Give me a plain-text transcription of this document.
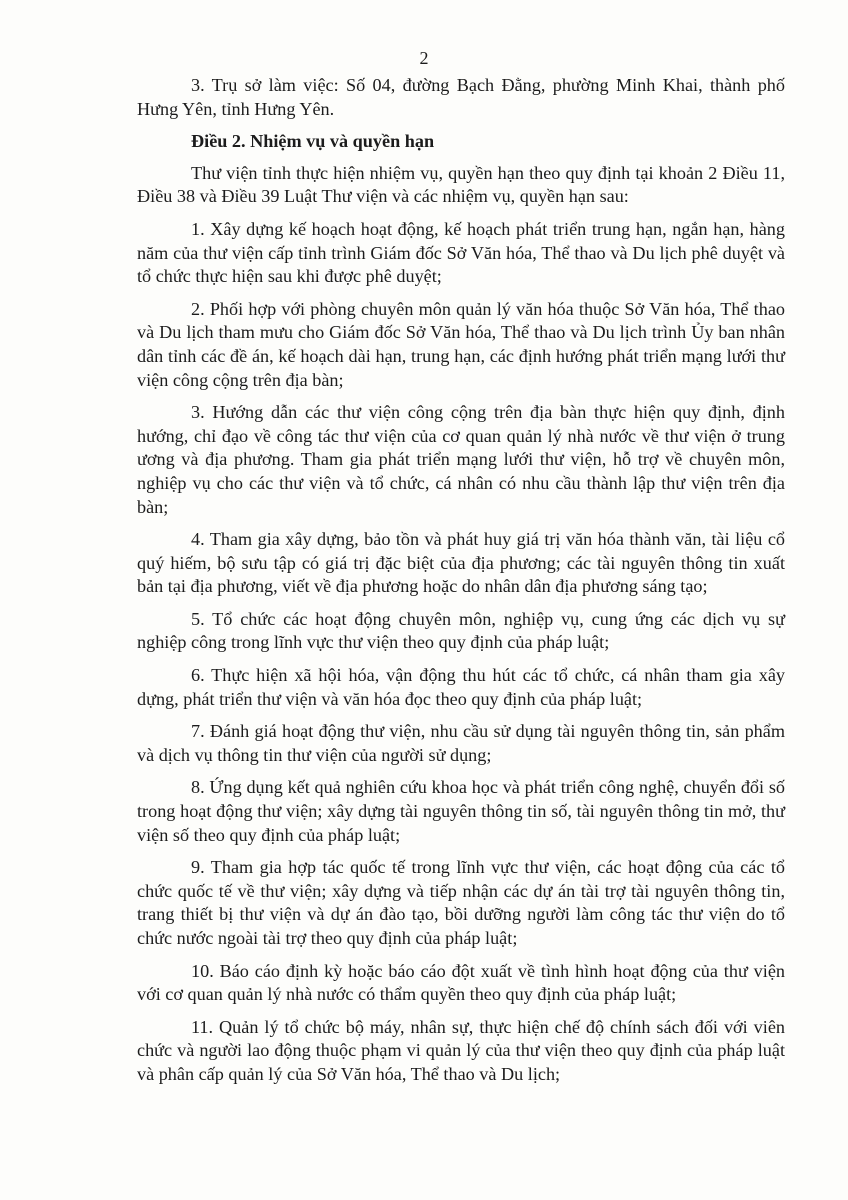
2

3. Trụ sở làm việc: Số 04, đường Bạch Đằng, phường Minh Khai, thành phố Hưng Yên, tỉnh Hưng Yên.

Điều 2. Nhiệm vụ và quyền hạn

Thư viện tỉnh thực hiện nhiệm vụ, quyền hạn theo quy định tại khoản 2 Điều 11, Điều 38 và Điều 39 Luật Thư viện và các nhiệm vụ, quyền hạn sau:

1. Xây dựng kế hoạch hoạt động, kế hoạch phát triển trung hạn, ngắn hạn, hàng năm của thư viện cấp tỉnh trình Giám đốc Sở Văn hóa, Thể thao và Du lịch phê duyệt và tổ chức thực hiện sau khi được phê duyệt;

2. Phối hợp với phòng chuyên môn quản lý văn hóa thuộc Sở Văn hóa, Thể thao và Du lịch tham mưu cho Giám đốc Sở Văn hóa, Thể thao và Du lịch trình Ủy ban nhân dân tỉnh các đề án, kế hoạch dài hạn, trung hạn, các định hướng phát triển mạng lưới thư viện công cộng trên địa bàn;

3. Hướng dẫn các thư viện công cộng trên địa bàn thực hiện quy định, định hướng, chỉ đạo về công tác thư viện của cơ quan quản lý nhà nước về thư viện ở trung ương và địa phương. Tham gia phát triển mạng lưới thư viện, hỗ trợ về chuyên môn, nghiệp vụ cho các thư viện và tổ chức, cá nhân có nhu cầu thành lập thư viện trên địa bàn;

4. Tham gia xây dựng, bảo tồn và phát huy giá trị văn hóa thành văn, tài liệu cổ quý hiếm, bộ sưu tập có giá trị đặc biệt của địa phương; các tài nguyên thông tin xuất bản tại địa phương, viết về địa phương hoặc do nhân dân địa phương sáng tạo;

5. Tổ chức các hoạt động chuyên môn, nghiệp vụ, cung ứng các dịch vụ sự nghiệp công trong lĩnh vực thư viện theo quy định của pháp luật;

6. Thực hiện xã hội hóa, vận động thu hút các tổ chức, cá nhân tham gia xây dựng, phát triển thư viện và văn hóa đọc theo quy định của pháp luật;

7. Đánh giá hoạt động thư viện, nhu cầu sử dụng tài nguyên thông tin, sản phẩm và dịch vụ thông tin thư viện của người sử dụng;

8. Ứng dụng kết quả nghiên cứu khoa học và phát triển công nghệ, chuyển đổi số trong hoạt động thư viện; xây dựng tài nguyên thông tin số, tài nguyên thông tin mở, thư viện số theo quy định của pháp luật;

9. Tham gia hợp tác quốc tế trong lĩnh vực thư viện, các hoạt động của các tổ chức quốc tế về thư viện; xây dựng và tiếp nhận các dự án tài trợ tài nguyên thông tin, trang thiết bị thư viện và dự án đào tạo, bồi dưỡng người làm công tác thư viện do tổ chức nước ngoài tài trợ theo quy định của pháp luật;

10. Báo cáo định kỳ hoặc báo cáo đột xuất về tình hình hoạt động của thư viện với cơ quan quản lý nhà nước có thẩm quyền theo quy định của pháp luật;

11. Quản lý tổ chức bộ máy, nhân sự, thực hiện chế độ chính sách đối với viên chức và người lao động thuộc phạm vi quản lý của thư viện theo quy định của pháp luật và phân cấp quản lý của Sở Văn hóa, Thể thao và Du lịch;
